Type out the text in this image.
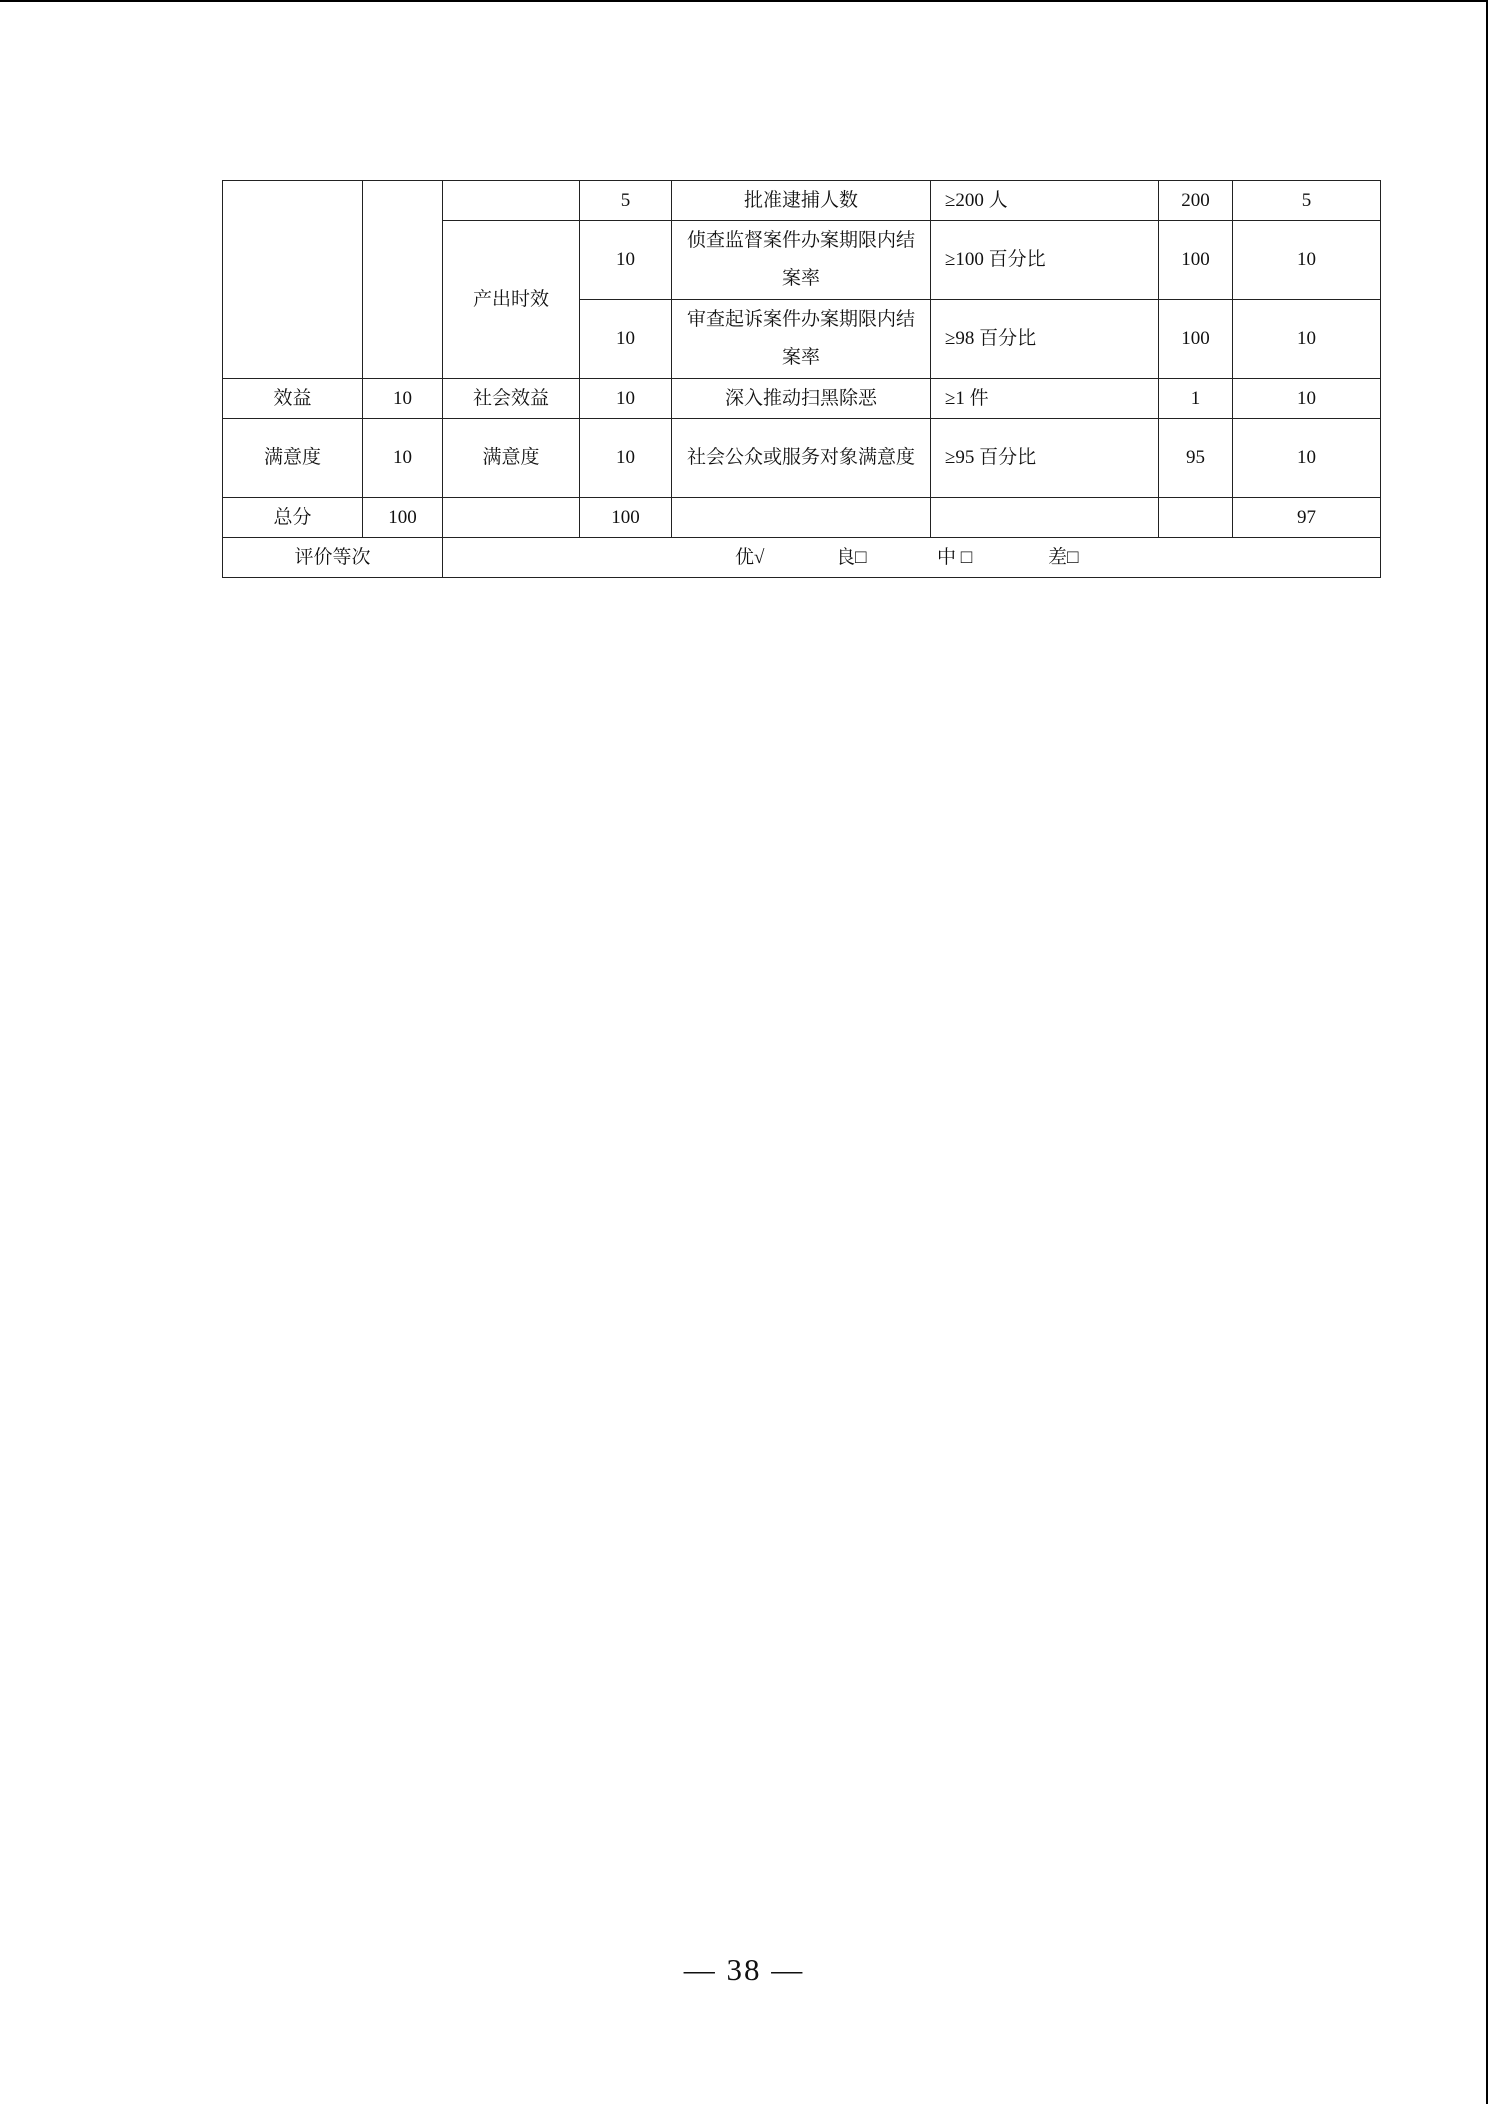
			5	批准逮捕人数	≥200 人	200	5
		产出时效	10	侦查监督案件办案期限内结案率	≥100 百分比	100	10
			10	审查起诉案件办案期限内结案率	≥98 百分比	100	10
效益	10	社会效益	10	深入推动扫黑除恶	≥1 件	1	10
满意度	10	满意度	10	社会公众或服务对象满意度	≥95 百分比	95	10
总分	100		100				97
评价等次		优√ 良□ 中 □ 差□					
— 38 —
